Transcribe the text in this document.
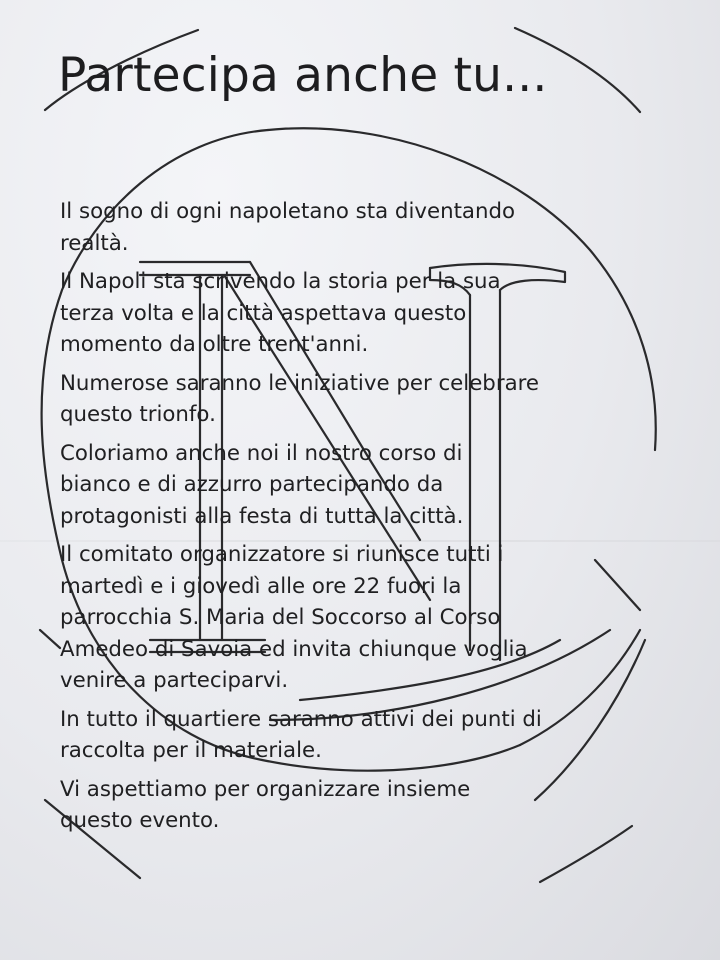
Partecipa anche tu...

Il sogno di ogni napoletano sta diventando
realtà.

Il Napoli sta scrivendo la storia per la sua
terza volta e la città aspettava questo
momento da oltre trent'anni.

Numerose saranno le iniziative per celebrare
questo trionfo.

Coloriamo anche noi il nostro corso di
bianco e di azzurro partecipando da
protagonisti alla festa di tutta la città.

Il comitato organizzatore si riunisce tutti i
martedì e i giovedì alle ore 22 fuori la
parrocchia S. Maria del Soccorso al Corso
Amedeo di Savoia ed invita chiunque voglia
venire a parteciparvi.

In tutto il quartiere saranno attivi dei punti di
raccolta per il materiale.

Vi aspettiamo per organizzare insieme
questo evento.
